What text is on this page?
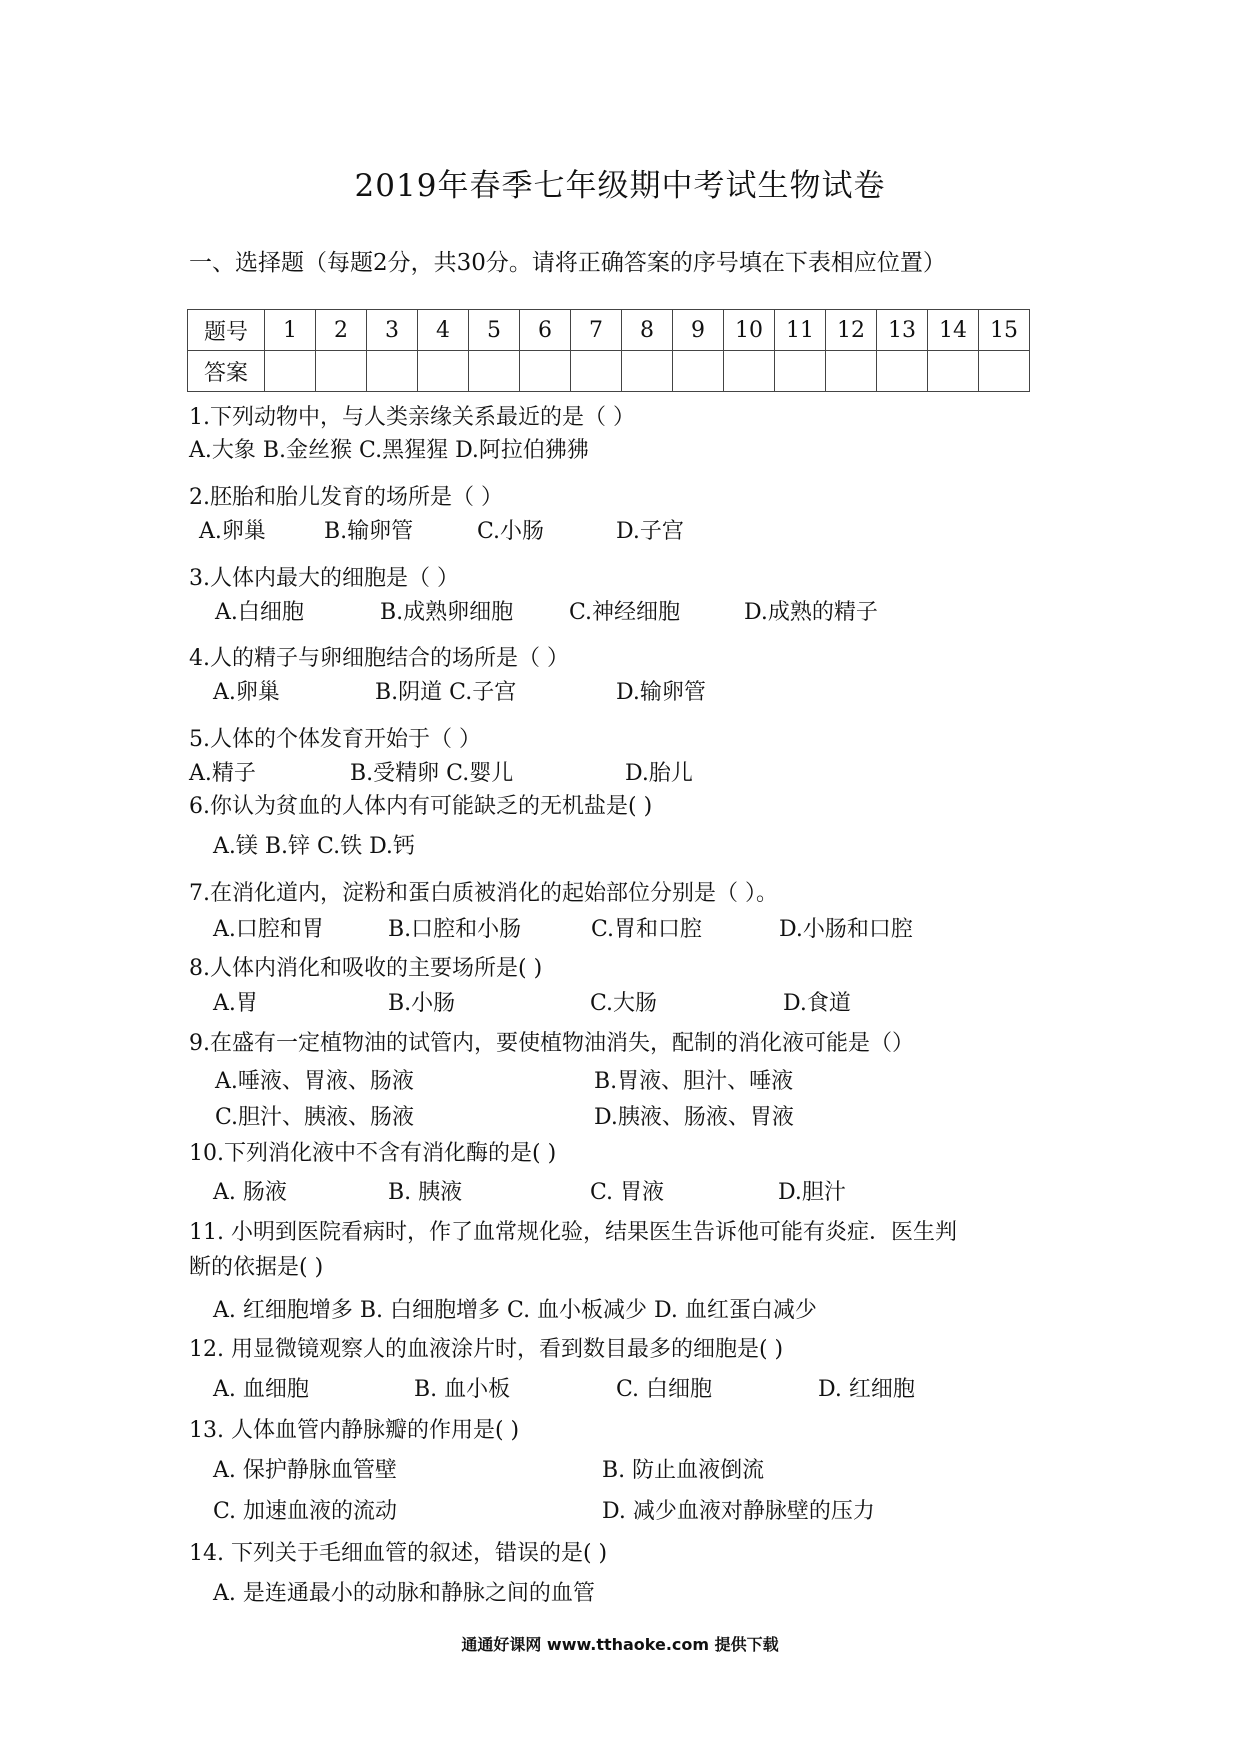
2019年春季七年级期中考试生物试卷
一、选择题（每题2分，共30分。请将正确答案的序号填在下表相应位置）
题号	1	2	3	4	5	6	7	8	9	10	11	12	13	14	15
答案															
1.下列动物中，与人类亲缘关系最近的是（ ）
A.大象 B.金丝猴 C.黑猩猩 D.阿拉伯狒狒
2.胚胎和胎儿发育的场所是（ ）
A.卵巢	B.输卵管	C.小肠	D.子宫
3.人体内最大的细胞是（ ）
A.白细胞	B.成熟卵细胞	C.神经细胞	D.成熟的精子
4.人的精子与卵细胞结合的场所是（ ）
A.卵巢	B.阴道 C.子宫	D.输卵管
5.人体的个体发育开始于（ ）
A.精子	B.受精卵 C.婴儿	D.胎儿
6.你认为贫血的人体内有可能缺乏的无机盐是( )
A.镁 B.锌 C.铁 D.钙
7.在消化道内，淀粉和蛋白质被消化的起始部位分别是（ ）。
A.口腔和胃	B.口腔和小肠	C.胃和口腔	D.小肠和口腔
8.人体内消化和吸收的主要场所是( )
A.胃	B.小肠	C.大肠	D.食道
9.在盛有一定植物油的试管内，要使植物油消失，配制的消化液可能是（）
A.唾液、胃液、肠液	B.胃液、胆汁、唾液
C.胆汁、胰液、肠液	D.胰液、肠液、胃液
10.下列消化液中不含有消化酶的是( )
A. 肠液	B. 胰液	C. 胃液	D.胆汁
11. 小明到医院看病时，作了血常规化验，结果医生告诉他可能有炎症．医生判
断的依据是( )
A. 红细胞增多 B. 白细胞增多 C. 血小板减少 D. 血红蛋白减少
12. 用显微镜观察人的血液涂片时，看到数目最多的细胞是( )
A. 血细胞	B. 血小板	C. 白细胞	D. 红细胞
13. 人体血管内静脉瓣的作用是( )
A. 保护静脉血管壁	B. 防止血液倒流
C. 加速血液的流动	D. 减少血液对静脉壁的压力
14. 下列关于毛细血管的叙述，错误的是( )
A. 是连通最小的动脉和静脉之间的血管
通通好课网 www.tthaoke.com 提供下载
